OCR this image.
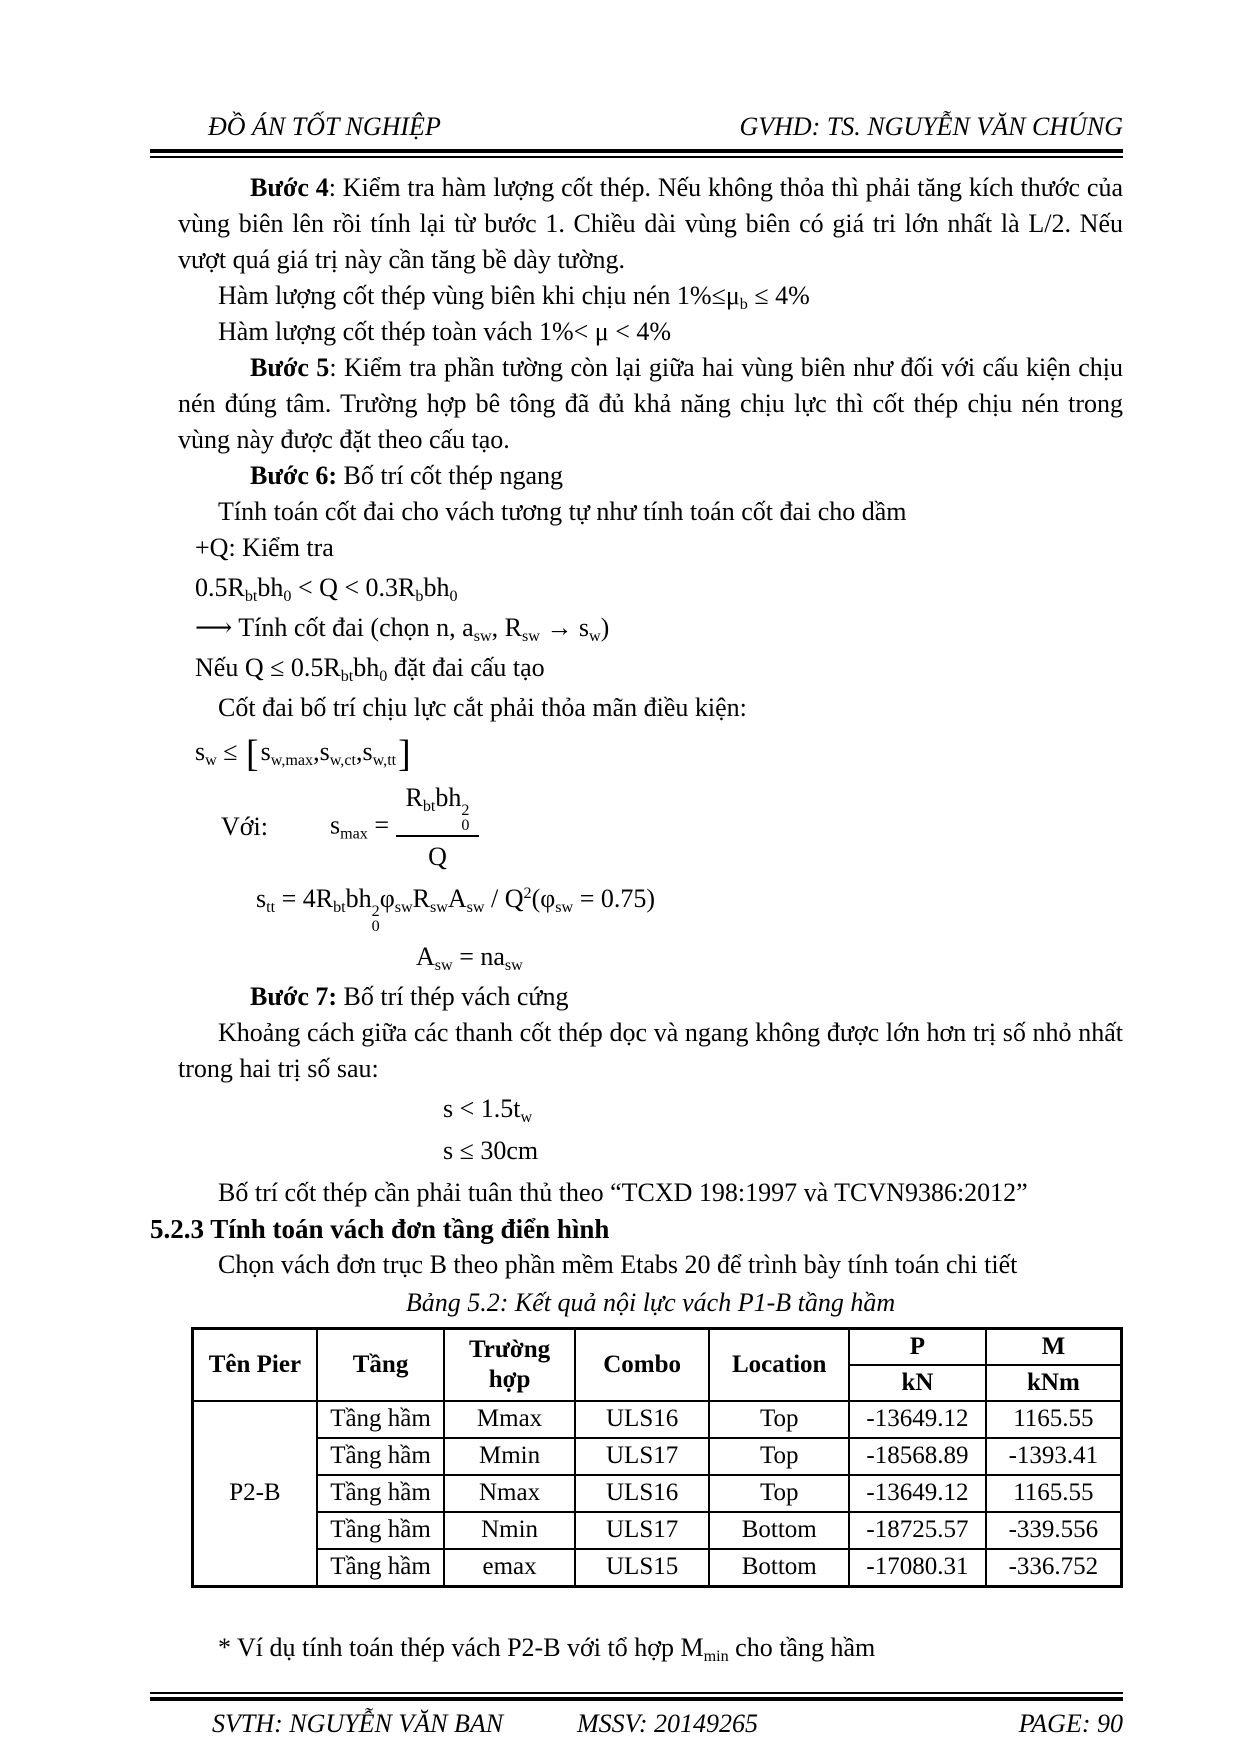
ĐỒ ÁN TỐT NGHIỆP	GVHD: TS. NGUYỄN VĂN CHÚNG

Bước 4: Kiểm tra hàm lượng cốt thép. Nếu không thỏa thì phải tăng kích thước của vùng biên lên rồi tính lại từ bước 1. Chiều dài vùng biên có giá tri lớn nhất là L/2. Nếu vượt quá giá trị này cần tăng bề dày tường.

Hàm lượng cốt thép vùng biên khi chịu nén $1\%\le\mu_b \le 4\%$

Hàm lượng cốt thép toàn vách 1%< μ < 4%

Bước 5: Kiểm tra phần tường còn lại giữa hai vùng biên như đối với cấu kiện chịu nén đúng tâm. Trường hợp bê tông đã đủ khả năng chịu lực thì cốt thép chịu nén trong vùng này được đặt theo cấu tạo.

Bước 6: Bố trí cốt thép ngang

Tính toán cốt đai cho vách tương tự như tính toán cốt đai cho dầm

+Q: Kiểm tra

$0.5R_{bt}bh_0 < Q < 0.3R_bbh_0$

⟶ Tính cốt đai (chọn n, $a_{sw}$, $R_{sw} \to s_w$)

Nếu $Q \le 0.5R_{bt}bh_0$ đặt đai cấu tạo

Cốt đai bố trí chịu lực cắt phải thỏa mãn điều kiện:

$s_w \le [s_{w,max},s_{w,ct},s_{w,tt}]$

Với: $s_{max} = R_{bt}bh$ 2
0
Q

$s_{tt} = 4R_{bt}bh$ 2
0
$\varphi_{sw}R_{sw}A_{sw} / Q^2(\varphi_{sw} = 0.75)$

$A_{sw} = na_{sw}$

Bước 7: Bố trí thép vách cứng

Khoảng cách giữa các thanh cốt thép dọc và ngang không được lớn hơn trị số nhỏ nhất trong hai trị số sau:

$s < 1.5t_w$

s ≤ 30cm

Bố trí cốt thép cần phải tuân thủ theo “TCXD 198:1997 và TCVN9386:2012”

5.2.3 Tính toán vách đơn tầng điển hình

Chọn vách đơn trục B theo phần mềm Etabs 20 để trình bày tính toán chi tiết

Bảng 5.2: Kết quả nội lực vách P1-B tầng hầm
Tên Pier	Tầng	Trường hợp	Combo	Location	P	M
					kN	kNm
P2-B	Tầng hầm	Mmax	ULS16	Top	-13649.12	1165.55
	Tầng hầm	Mmin	ULS17	Top	-18568.89	-1393.41
	Tầng hầm	Nmax	ULS16	Top	-13649.12	1165.55
	Tầng hầm	Nmin	ULS17	Bottom	-18725.57	-339.556
	Tầng hầm	emax	ULS15	Bottom	-17080.31	-336.752

* Ví dụ tính toán thép vách P2-B với tổ hợp $M_{min}$ cho tầng hầm

SVTH: NGUYỄN VĂN BAN	MSSV: 20149265	PAGE: 90
